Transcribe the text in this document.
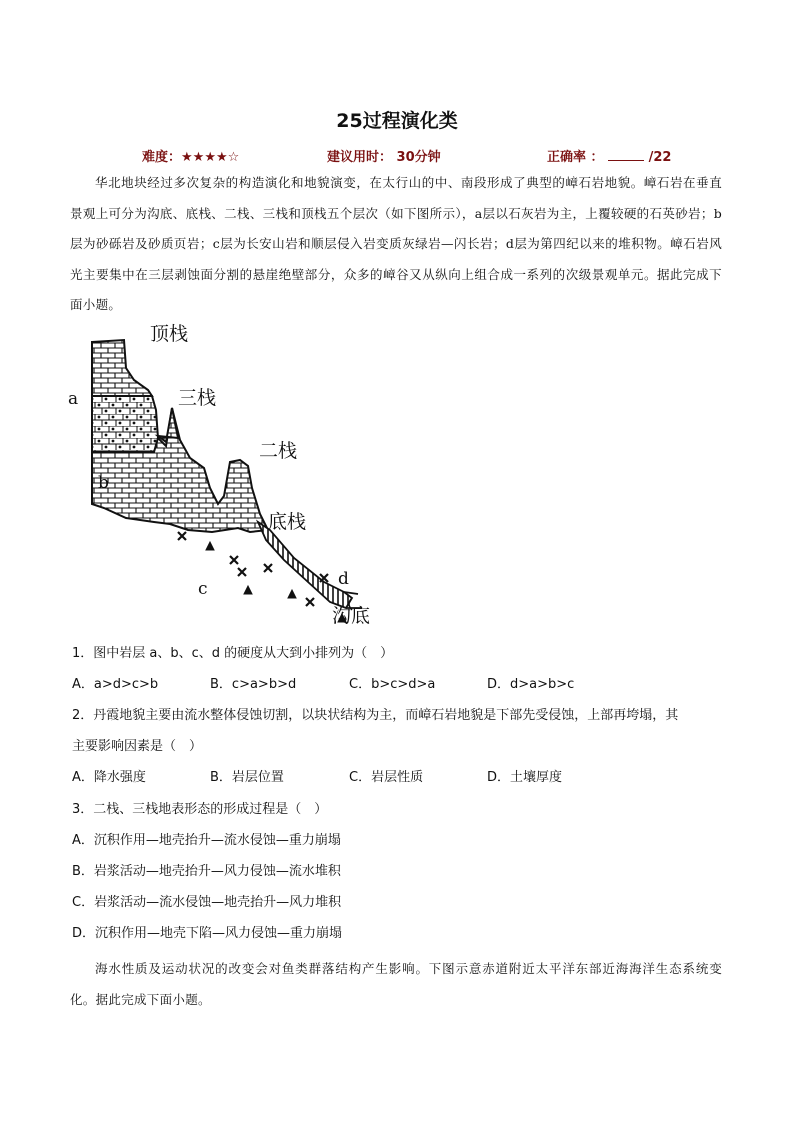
25过程演化类
难度：★★★★☆	建议用时： 30分钟	正确率 ：	/22
华北地块经过多次复杂的构造演化和地貌演变，在太行山的中、南段形成了典型的嶂石岩地貌。嶂石岩在垂直景观上可分为沟底、底栈、二栈、三栈和顶栈五个层次（如下图所示），a层以石灰岩为主，上覆较硬的石英砂岩；b层为砂砾岩及砂质页岩；c层为长安山岩和顺层侵入岩变质灰绿岩—闪长岩；d层为第四纪以来的堆积物。嶂石岩风光主要集中在三层剥蚀面分割的悬崖绝壁部分，众多的嶂谷又从纵向上组合成一系列的次级景观单元。据此完成下面小题。
顶栈
三栈
二栈
底栈
沟底
a
b
c	d
1．图中岩层 a、b、c、d 的硬度从大到小排列为（　）
A．a>d>c>b	B．c>a>b>d	C．b>c>d>a	D．d>a>b>c
2．丹霞地貌主要由流水整体侵蚀切割，以块状结构为主，而嶂石岩地貌是下部先受侵蚀，上部再垮塌，其
主要影响因素是（　）
A．降水强度	B．岩层位置	C．岩层性质	D．土壤厚度
3．二栈、三栈地表形态的形成过程是（　）
A．沉积作用—地壳抬升—流水侵蚀—重力崩塌
B．岩浆活动—地壳抬升—风力侵蚀—流水堆积
C．岩浆活动—流水侵蚀—地壳抬升—风力堆积
D．沉积作用—地壳下陷—风力侵蚀—重力崩塌
海水性质及运动状况的改变会对鱼类群落结构产生影响。下图示意赤道附近太平洋东部近海海洋生态系统变化。据此完成下面小题。
